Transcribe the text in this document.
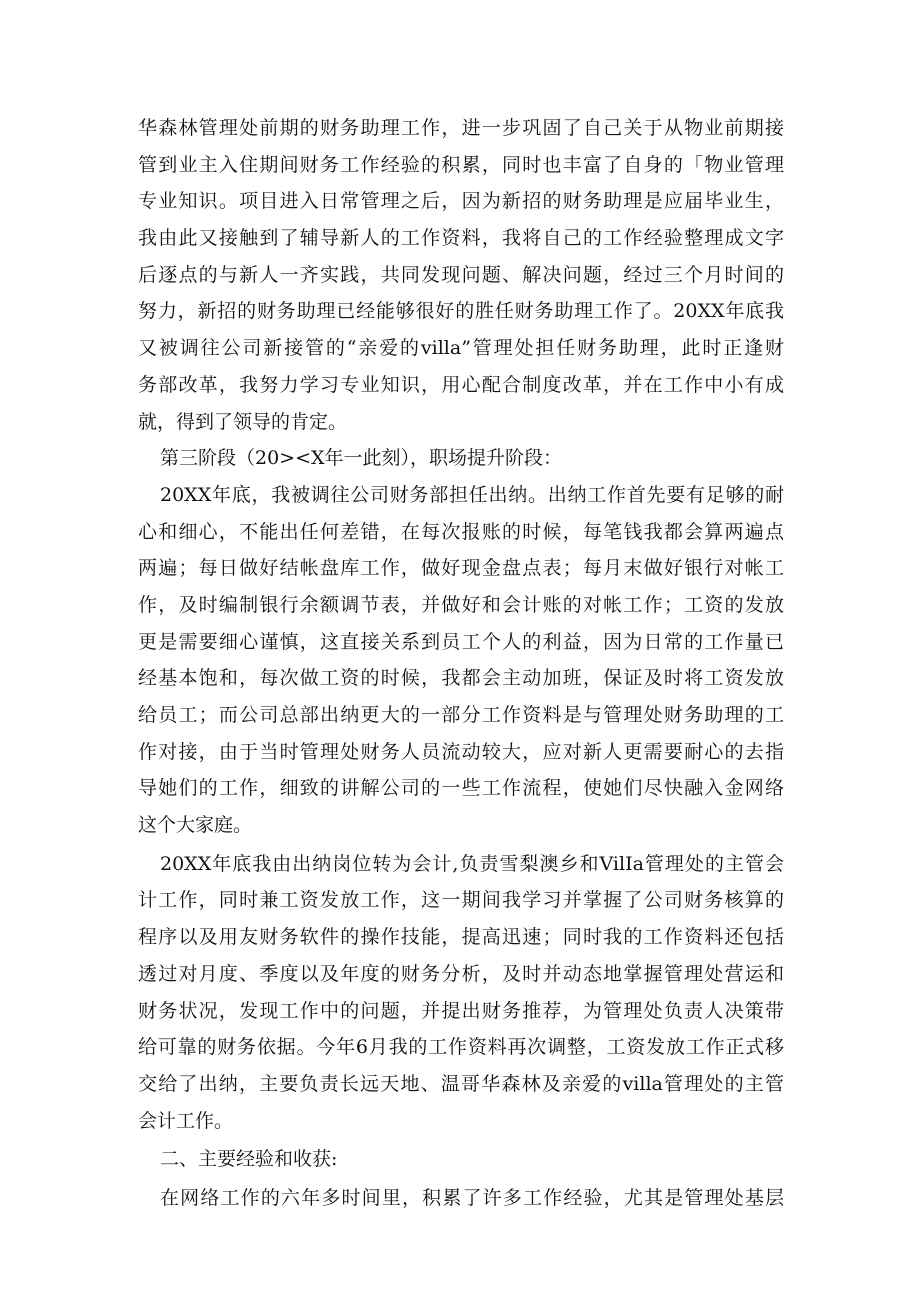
华森林管理处前期的财务助理工作，进一步巩固了自己关于从物业前期接
管到业主入住期间财务工作经验的积累，同时也丰富了自身的「物业管理
专业知识。项目进入日常管理之后，因为新招的财务助理是应届毕业生，
我由此又接触到了辅导新人的工作资料，我将自己的工作经验整理成文字
后逐点的与新人一齐实践，共同发现问题、解决问题，经过三个月时间的
努力，新招的财务助理已经能够很好的胜任财务助理工作了。20XX年底我
又被调往公司新接管的“亲爱的villa”管理处担任财务助理，此时正逢财
务部改革，我努力学习专业知识，用心配合制度改革，并在工作中小有成
就，得到了领导的肯定。
第三阶段（20><X年一此刻），职场提升阶段：
20XX年底，我被调往公司财务部担任出纳。出纳工作首先要有足够的耐
心和细心，不能出任何差错，在每次报账的时候，每笔钱我都会算两遍点
两遍；每日做好结帐盘库工作，做好现金盘点表；每月末做好银行对帐工
作，及时编制银行余额调节表，并做好和会计账的对帐工作；工资的发放
更是需要细心谨慎，这直接关系到员工个人的利益，因为日常的工作量已
经基本饱和，每次做工资的时候，我都会主动加班，保证及时将工资发放
给员工；而公司总部出纳更大的一部分工作资料是与管理处财务助理的工
作对接，由于当时管理处财务人员流动较大，应对新人更需要耐心的去指
导她们的工作，细致的讲解公司的一些工作流程，使她们尽快融入金网络
这个大家庭。
20XX年底我由出纳岗位转为会计,负责雪梨澳乡和VilIa管理处的主管会
计工作，同时兼工资发放工作，这一期间我学习并掌握了公司财务核算的
程序以及用友财务软件的操作技能，提高迅速；同时我的工作资料还包括
透过对月度、季度以及年度的财务分析，及时并动态地掌握管理处营运和
财务状况，发现工作中的问题，并提出财务推荐，为管理处负责人决策带
给可靠的财务依据。今年6月我的工作资料再次调整，工资发放工作正式移
交给了出纳，主要负责长远天地、温哥华森林及亲爱的villa管理处的主管
会计工作。
二、主要经验和收获:
在网络工作的六年多时间里，积累了许多工作经验，尤其是管理处基层
